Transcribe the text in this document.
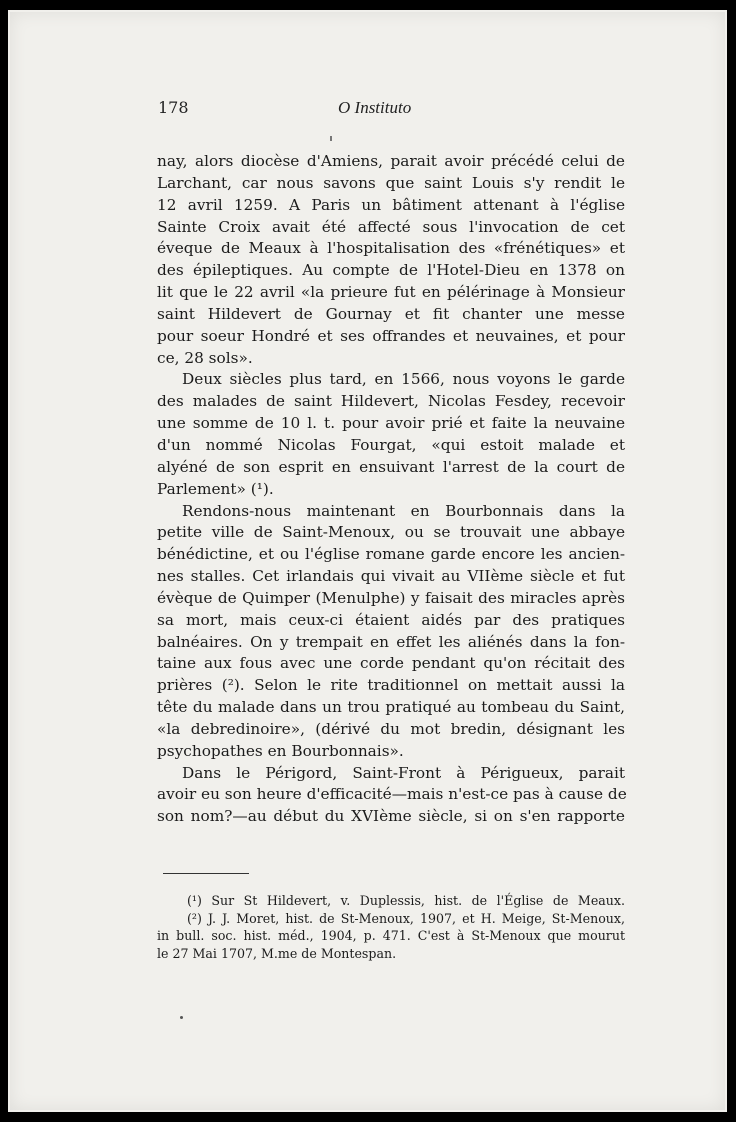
178	O Instituto
nay, alors diocèse d'Amiens, parait avoir précédé celui de
Larchant, car nous savons que saint Louis s'y rendit le
12 avril 1259. A Paris un bâtiment attenant à l'église
Sainte Croix avait été affecté sous l'invocation de cet
éveque de Meaux à l'hospitalisation des «frénétiques» et
des épileptiques. Au compte de l'Hotel-Dieu en 1378 on
lit que le 22 avril «la prieure fut en pélérinage à Monsieur
saint Hildevert de Gournay et fit chanter une messe
pour soeur Hondré et ses offrandes et neuvaines, et pour
ce, 28 sols».
Deux siècles plus tard, en 1566, nous voyons le garde
des malades de saint Hildevert, Nicolas Fesdey, recevoir
une somme de 10 l. t. pour avoir prié et faite la neuvaine
d'un nommé Nicolas Fourgat, «qui estoit malade et
alyéné de son esprit en ensuivant l'arrest de la court de
Parlement» (¹).
Rendons-nous maintenant en Bourbonnais dans la
petite ville de Saint-Menoux, ou se trouvait une abbaye
bénédictine, et ou l'église romane garde encore les ancien-
nes stalles. Cet irlandais qui vivait au VIIème siècle et fut
évèque de Quimper (Menulphe) y faisait des miracles après
sa mort, mais ceux-ci étaient aidés par des pratiques
balnéaires. On y trempait en effet les aliénés dans la fon-
taine aux fous avec une corde pendant qu'on récitait des
prières (²). Selon le rite traditionnel on mettait aussi la
tête du malade dans un trou pratiqué au tombeau du Saint,
«la debredinoire», (dérivé du mot bredin, désignant les
psychopathes en Bourbonnais».
Dans le Périgord, Saint-Front à Périgueux, parait
avoir eu son heure d'efficacité—mais n'est-ce pas à cause de
son nom?—au début du XVIème siècle, si on s'en rapporte
(¹) Sur St Hildevert, v. Duplessis, hist. de l'Église de Meaux.
(²) J. J. Moret, hist. de St-Menoux, 1907, et H. Meige, St-Menoux,
in bull. soc. hist. méd., 1904, p. 471. C'est à St-Menoux que mourut
le 27 Mai 1707, M.me de Montespan.
